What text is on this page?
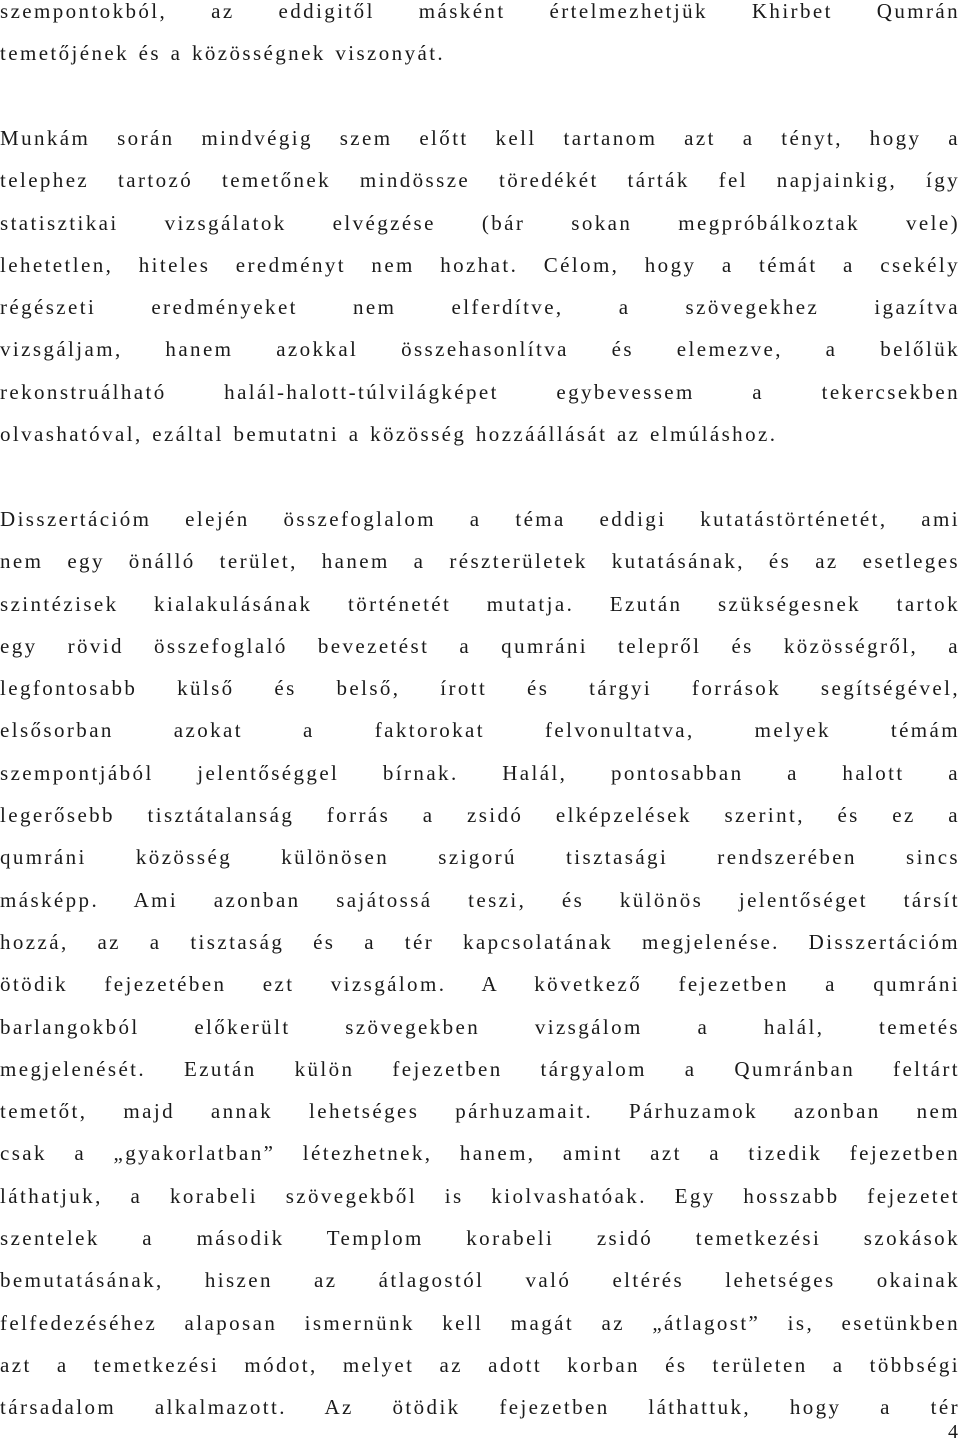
szempontokból, az eddigitől másként értelmezhetjük Khirbet Qumrán
temetőjének és a közösségnek viszonyát.
Munkám során mindvégig szem előtt kell tartanom azt a tényt, hogy a
telephez tartozó temetőnek mindössze töredékét tárták fel napjainkig, így
statisztikai vizsgálatok elvégzése (bár sokan megpróbálkoztak vele)
lehetetlen, hiteles eredményt nem hozhat. Célom, hogy a témát a csekély
régészeti eredményeket nem elferdítve, a szövegekhez igazítva
vizsgáljam, hanem azokkal összehasonlítva és elemezve, a belőlük
rekonstruálható halál-halott-túlvilágképet egybevessem a tekercsekben
olvashatóval, ezáltal bemutatni a közösség hozzáállását az elmúláshoz.
Disszertációm elején összefoglalom a téma eddigi kutatástörténetét, ami
nem egy önálló terület, hanem a részterületek kutatásának, és az esetleges
szintézisek kialakulásának történetét mutatja. Ezután szükségesnek tartok
egy rövid összefoglaló bevezetést a qumráni telepről és közösségről, a
legfontosabb külső és belső, írott és tárgyi források segítségével,
elsősorban azokat a faktorokat felvonultatva, melyek témám
szempontjából jelentőséggel bírnak. Halál, pontosabban a halott a
legerősebb tisztátalanság forrás a zsidó elképzelések szerint, és ez a
qumráni közösség különösen szigorú tisztasági rendszerében sincs
másképp. Ami azonban sajátossá teszi, és különös jelentőséget társít
hozzá, az a tisztaság és a tér kapcsolatának megjelenése. Disszertációm
ötödik fejezetében ezt vizsgálom. A következő fejezetben a qumráni
barlangokból előkerült szövegekben vizsgálom a halál, temetés
megjelenését. Ezután külön fejezetben tárgyalom a Qumránban feltárt
temetőt, majd annak lehetséges párhuzamait. Párhuzamok azonban nem
csak a „gyakorlatban” létezhetnek, hanem, amint azt a tizedik fejezetben
láthatjuk, a korabeli szövegekből is kiolvashatóak. Egy hosszabb fejezetet
szentelek a második Templom korabeli zsidó temetkezési szokások
bemutatásának, hiszen az átlagostól való eltérés lehetséges okainak
felfedezéséhez alaposan ismernünk kell magát az „átlagost” is, esetünkben
azt a temetkezési módot, melyet az adott korban és területen a többségi
társadalom alkalmazott. Az ötödik fejezetben láthattuk, hogy a tér
4
